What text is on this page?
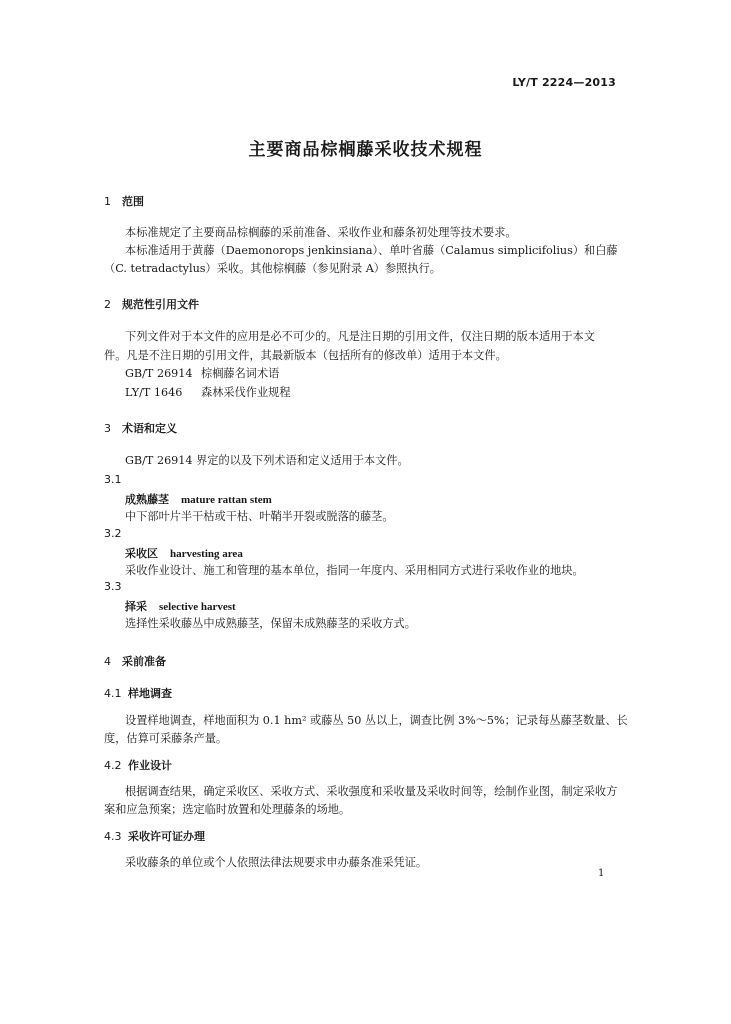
LY/T 2224—2013
主要商品棕榈藤采收技术规程
1 范围
本标准规定了主要商品棕榈藤的采前准备、采收作业和藤条初处理等技术要求。
本标准适用于黄藤（Daemonorops jenkinsiana）、单叶省藤（Calamus simplicifolius）和白藤
（C. tetradactylus）采收。其他棕榈藤（参见附录 A）参照执行。
2 规范性引用文件
下列文件对于本文件的应用是必不可少的。凡是注日期的引用文件，仅注日期的版本适用于本文
件。凡是不注日期的引用文件，其最新版本（包括所有的修改单）适用于本文件。
GB/T 26914 棕榈藤名词术语
LY/T 1646 森林采伐作业规程
3 术语和定义
GB/T 26914 界定的以及下列术语和定义适用于本文件。
3.1
成熟藤茎 mature rattan stem
中下部叶片半干枯或干枯、叶鞘半开裂或脱落的藤茎。
3.2
采收区 harvesting area
采收作业设计、施工和管理的基本单位，指同一年度内、采用相同方式进行采收作业的地块。
3.3
择采 selective harvest
选择性采收藤丛中成熟藤茎，保留未成熟藤茎的采收方式。
4 采前准备
4.1 样地调查
设置样地调查，样地面积为 0.1 hm² 或藤丛 50 丛以上，调查比例 3%～5%；记录每丛藤茎数量、长
度，估算可采藤条产量。
4.2 作业设计
根据调查结果，确定采收区、采收方式、采收强度和采收量及采收时间等，绘制作业图，制定采收方
案和应急预案；选定临时放置和处理藤条的场地。
4.3 采收许可证办理
采收藤条的单位或个人依照法律法规要求申办藤条准采凭证。
1
